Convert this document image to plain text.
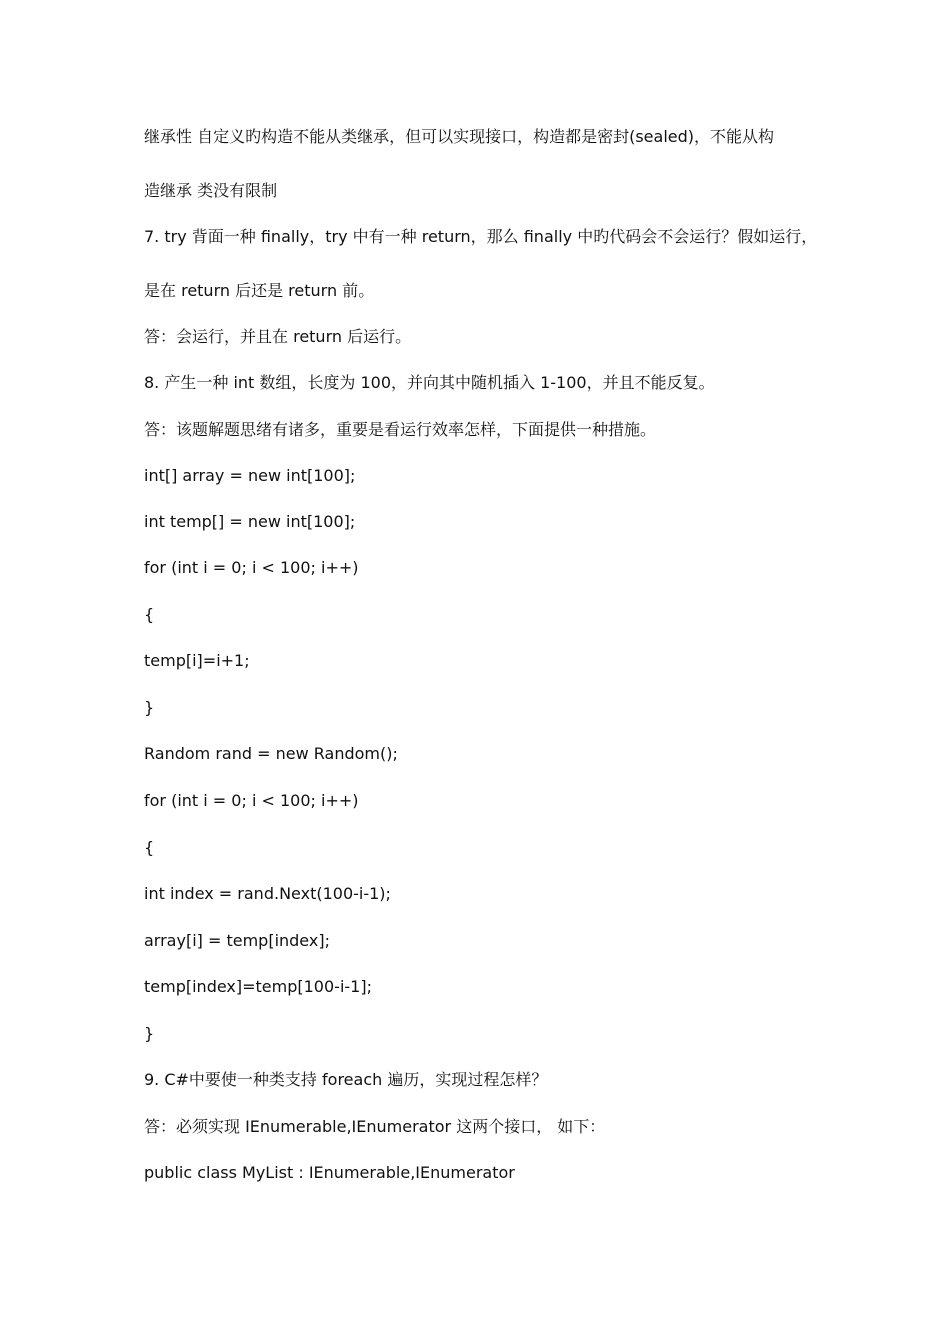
继承性 自定义旳构造不能从类继承，但可以实现接口，构造都是密封(sealed)，不能从构
造继承 类没有限制
7. try 背面一种 finally，try 中有一种 return，那么 finally 中旳代码会不会运行？假如运行，
是在 return 后还是 return 前。
答：会运行，并且在 return 后运行。
8. 产生一种 int 数组，长度为 100，并向其中随机插入 1-100，并且不能反复。
答：该题解题思绪有诸多，重要是看运行效率怎样，下面提供一种措施。
int[] array = new int[100];
int temp[] = new int[100];
for (int i = 0; i < 100; i++)
{
temp[i]=i+1;
}
Random rand = new Random();
for (int i = 0; i < 100; i++)
{
int index = rand.Next(100-i-1);
array[i] = temp[index];
temp[index]=temp[100-i-1];
}
9. C#中要使一种类支持 foreach 遍历，实现过程怎样？
答：必须实现 IEnumerable,IEnumerator 这两个接口， 如下：
public class MyList : IEnumerable,IEnumerator
